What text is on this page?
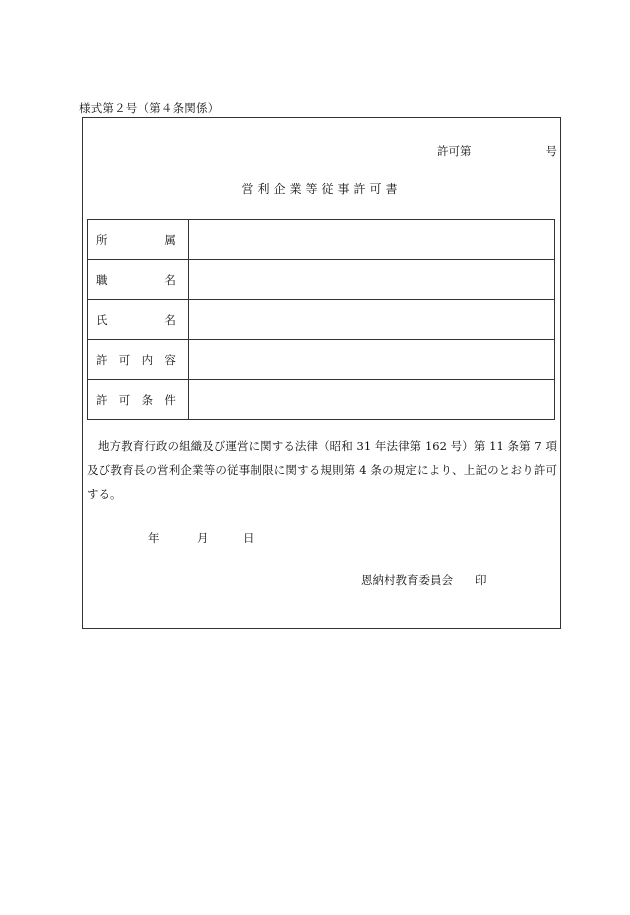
様式第２号（第４条関係）
許可第	号
営利企業等従事許可書
所 属	

職 名	

氏 名	

許 可 内 容	

許 可 条 件	

地方教育行政の組織及び運営に関する法律（昭和 31 年法律第 162 号）第 11 条第 7 項及び教育長の営利企業等の従事制限に関する規則第 4 条の規定により、上記のとおり許可する。
年	月	日
恩納村教育委員会 印
